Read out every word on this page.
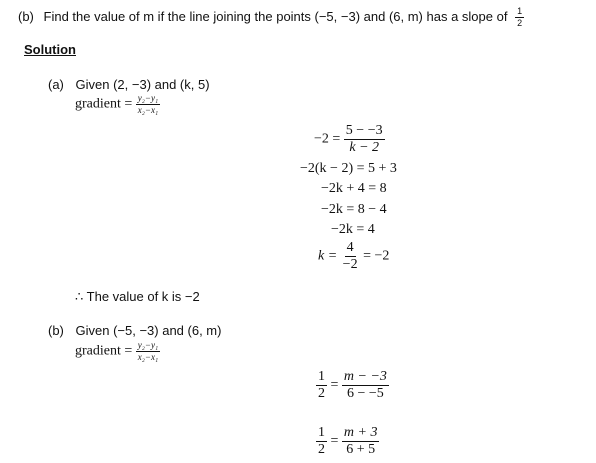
(b) Find the value of m if the line joining the points (−5, −3) and (6, m) has a slope of $\frac{1}{2}$
Solution
(a) Given (2, −3) and (k, 5)
gradient = $\frac{\text{y₂−y₁}}{\text{x₂−x₁}}$
$-2 = \frac{5 - -3}{k - 2}$
−2(k − 2) = 5 + 3
−2k + 4 = 8
−2k = 8 − 4
−2k = 4
$k = \frac{4}{-2} = -2$
∴ The value of k is −2
(b) Given (−5, −3) and (6, m)
gradient = $\frac{\text{y₂−y₁}}{\text{x₂−x₁}}$
$\frac{1}{2} = \frac{m - -3}{6 - -5}$
$\frac{1}{2} = \frac{m + 3}{6 + 5}$
